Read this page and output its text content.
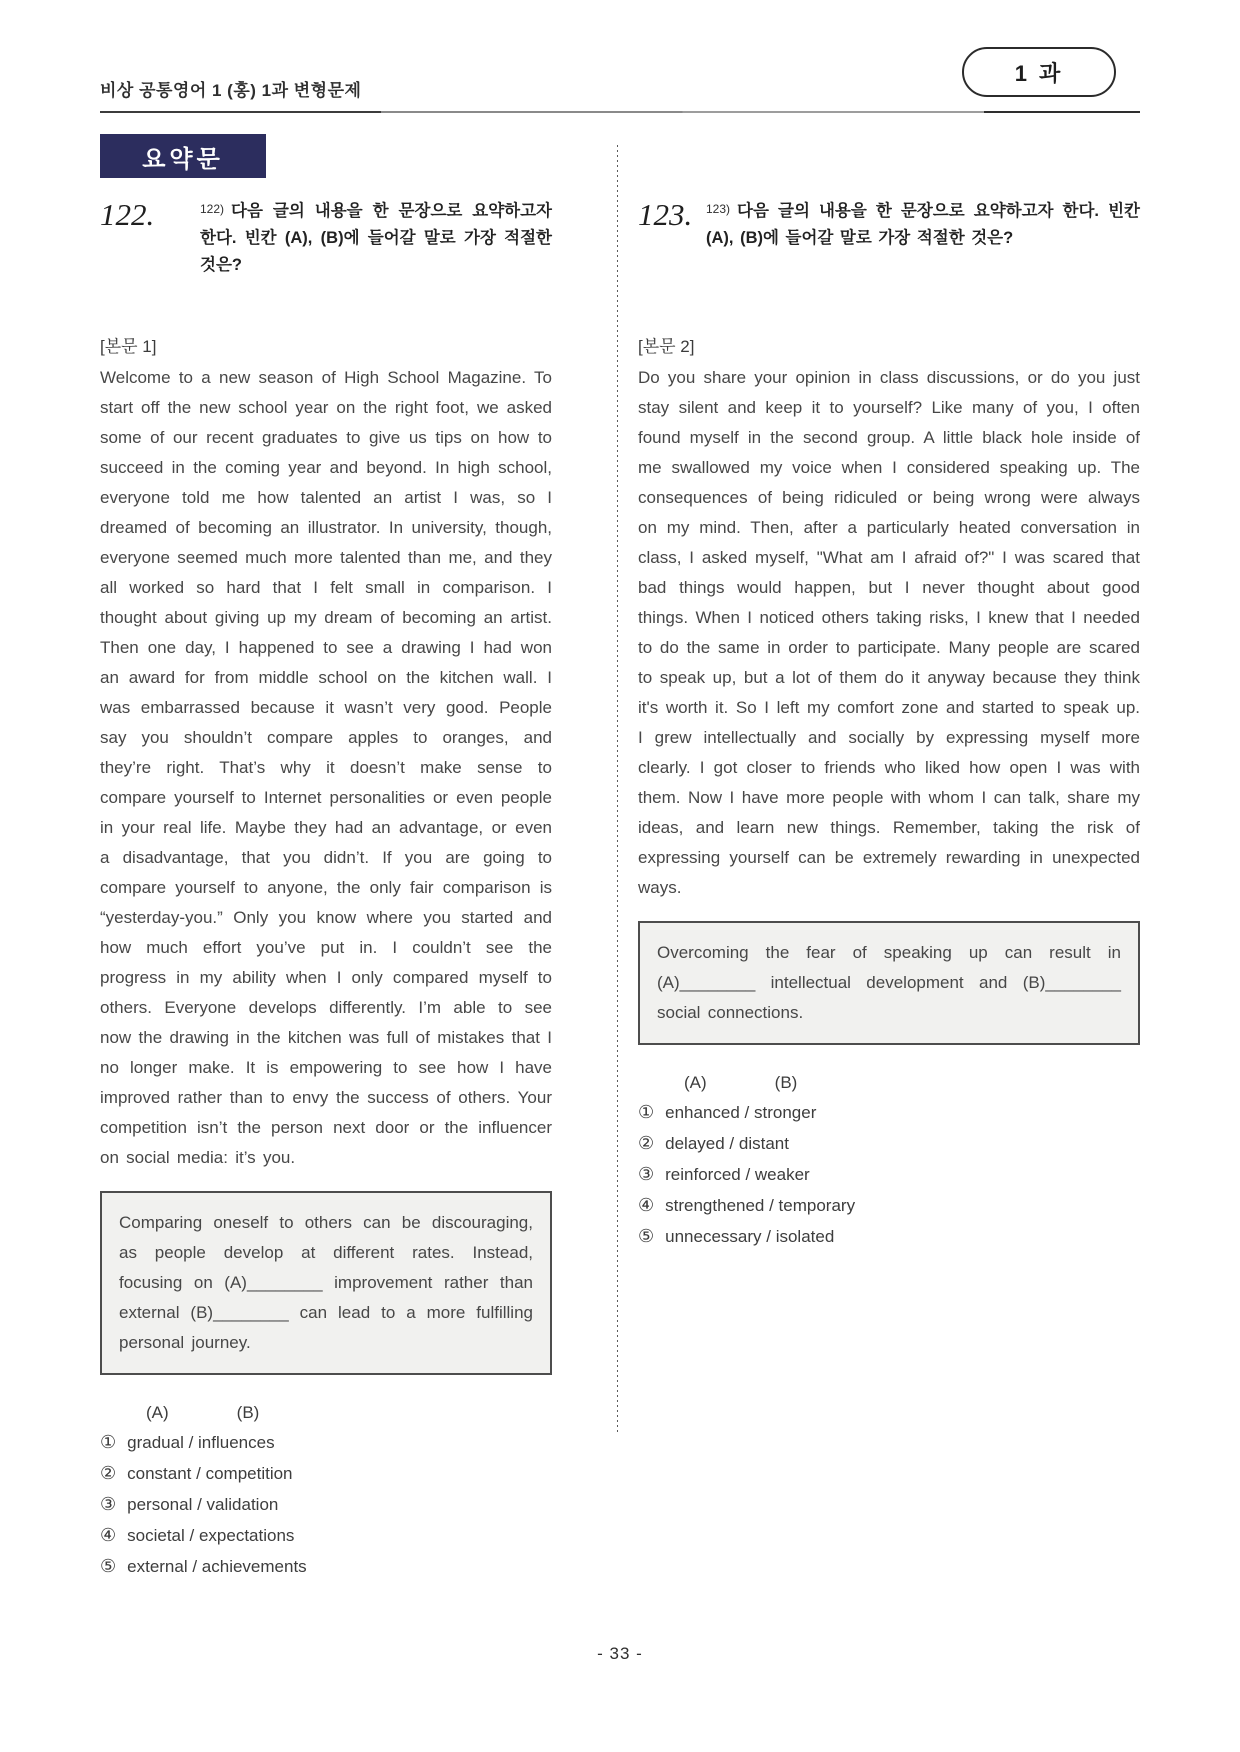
비상 공통영어 1 (홍) 1과 변형문제
1 과
요약문
122.	$^{122)}$ 다음 글의 내용을 한 문장으로 요약하고자 한다. 빈칸 (A), (B)에 들어갈 말로 가장 적절한 것은?

[본문 1]

Welcome to a new season of High School Magazine. To start off the new school year on the right foot, we asked some of our recent graduates to give us tips on how to succeed in the coming year and beyond. In high school, everyone told me how talented an artist I was, so I dreamed of becoming an illustrator. In university, though, everyone seemed much more talented than me, and they all worked so hard that I felt small in comparison. I thought about giving up my dream of becoming an artist. Then one day, I happened to see a drawing I had won an award for from middle school on the kitchen wall. I was embarrassed because it wasn’t very good. People say you shouldn’t compare apples to oranges, and they’re right. That’s why it doesn’t make sense to compare yourself to Internet personalities or even people in your real life. Maybe they had an advantage, or even a disadvantage, that you didn’t. If you are going to compare yourself to anyone, the only fair comparison is “yesterday-you.” Only you know where you started and how much effort you’ve put in. I couldn’t see the progress in my ability when I only compared myself to others. Everyone develops differently. I’m able to see now the drawing in the kitchen was full of mistakes that I no longer make. It is empowering to see how I have improved rather than to envy the success of others. Your competition isn’t the person next door or the influencer on social media: it’s you.

Comparing oneself to others can be discouraging, as people develop at different rates. Instead, focusing on (A)________ improvement rather than external (B)________ can lead to a more fulfilling personal journey.
(A)	(B)
① gradual / influences
② constant / competition
③ personal / validation
④ societal / expectations
⑤ external / achievements
123.	$^{123)}$ 다음 글의 내용을 한 문장으로 요약하고자 한다. 빈칸 (A), (B)에 들어갈 말로 가장 적절한 것은?

[본문 2]

Do you share your opinion in class discussions, or do you just stay silent and keep it to yourself? Like many of you, I often found myself in the second group. A little black hole inside of me swallowed my voice when I considered speaking up. The consequences of being ridiculed or being wrong were always on my mind. Then, after a particularly heated conversation in class, I asked myself, "What am I afraid of?" I was scared that bad things would happen, but I never thought about good things. When I noticed others taking risks, I knew that I needed to do the same in order to participate. Many people are scared to speak up, but a lot of them do it anyway because they think it's worth it. So I left my comfort zone and started to speak up. I grew intellectually and socially by expressing myself more clearly. I got closer to friends who liked how open I was with them. Now I have more people with whom I can talk, share my ideas, and learn new things. Remember, taking the risk of expressing yourself can be extremely rewarding in unexpected ways.

Overcoming the fear of speaking up can result in (A)________ intellectual development and (B)________ social connections.
(A)	(B)
① enhanced / stronger
② delayed / distant
③ reinforced / weaker
④ strengthened / temporary
⑤ unnecessary / isolated
- 33 -
